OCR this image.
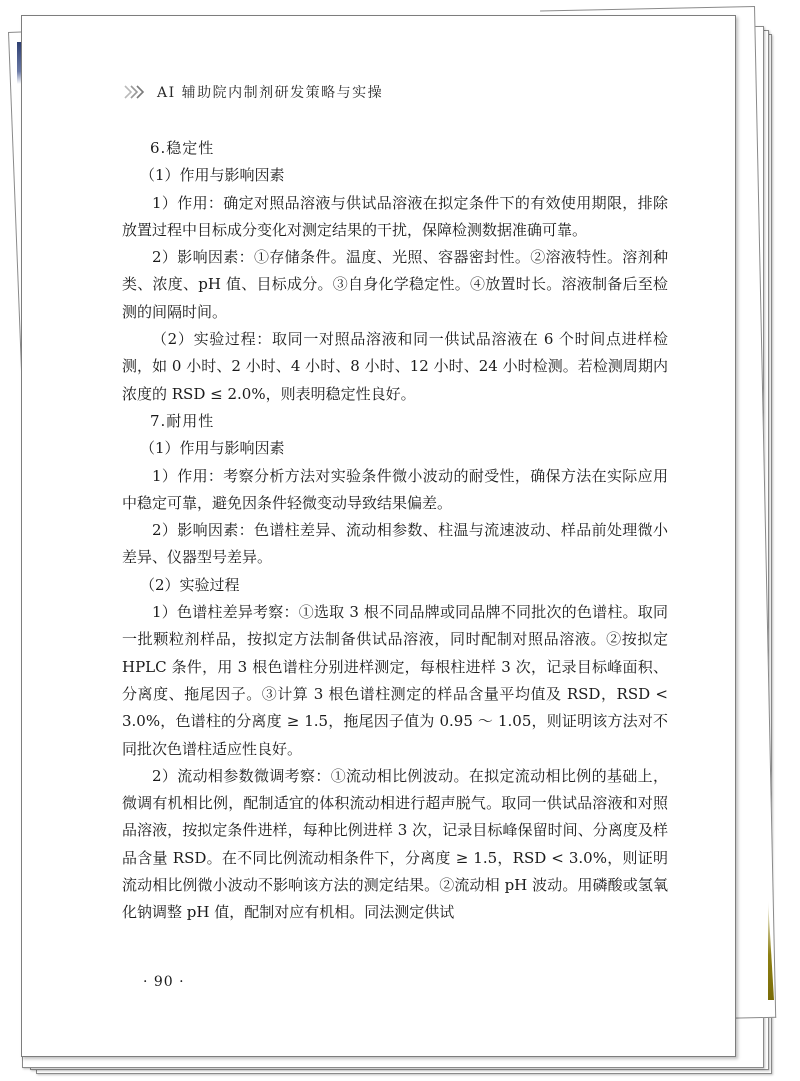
AI 辅助院内制剂研发策略与实操

6.稳定性

（1）作用与影响因素

1）作用：确定对照品溶液与供试品溶液在拟定条件下的有效使用期限，排除放置过程中目标成分变化对测定结果的干扰，保障检测数据准确可靠。

2）影响因素：①存储条件。温度、光照、容器密封性。②溶液特性。溶剂种类、浓度、pH 值、目标成分。③自身化学稳定性。④放置时长。溶液制备后至检测的间隔时间。

（2）实验过程：取同一对照品溶液和同一供试品溶液在 6 个时间点进样检测，如 0 小时、2 小时、4 小时、8 小时、12 小时、24 小时检测。若检测周期内浓度的 RSD ≤ 2.0%，则表明稳定性良好。

7.耐用性

（1）作用与影响因素

1）作用：考察分析方法对实验条件微小波动的耐受性，确保方法在实际应用中稳定可靠，避免因条件轻微变动导致结果偏差。

2）影响因素：色谱柱差异、流动相参数、柱温与流速波动、样品前处理微小差异、仪器型号差异。

（2）实验过程

1）色谱柱差异考察：①选取 3 根不同品牌或同品牌不同批次的色谱柱。取同一批颗粒剂样品，按拟定方法制备供试品溶液，同时配制对照品溶液。②按拟定 HPLC 条件，用 3 根色谱柱分别进样测定，每根柱进样 3 次，记录目标峰面积、分离度、拖尾因子。③计算 3 根色谱柱测定的样品含量平均值及 RSD，RSD < 3.0%，色谱柱的分离度 ≥ 1.5，拖尾因子值为 0.95 ～ 1.05，则证明该方法对不同批次色谱柱适应性良好。

2）流动相参数微调考察：①流动相比例波动。在拟定流动相比例的基础上，微调有机相比例，配制适宜的体积流动相进行超声脱气。取同一供试品溶液和对照品溶液，按拟定条件进样，每种比例进样 3 次，记录目标峰保留时间、分离度及样品含量 RSD。在不同比例流动相条件下，分离度 ≥ 1.5，RSD < 3.0%，则证明流动相比例微小波动不影响该方法的测定结果。②流动相 pH 波动。用磷酸或氢氧化钠调整 pH 值，配制对应有机相。同法测定供试

· 90 ·
